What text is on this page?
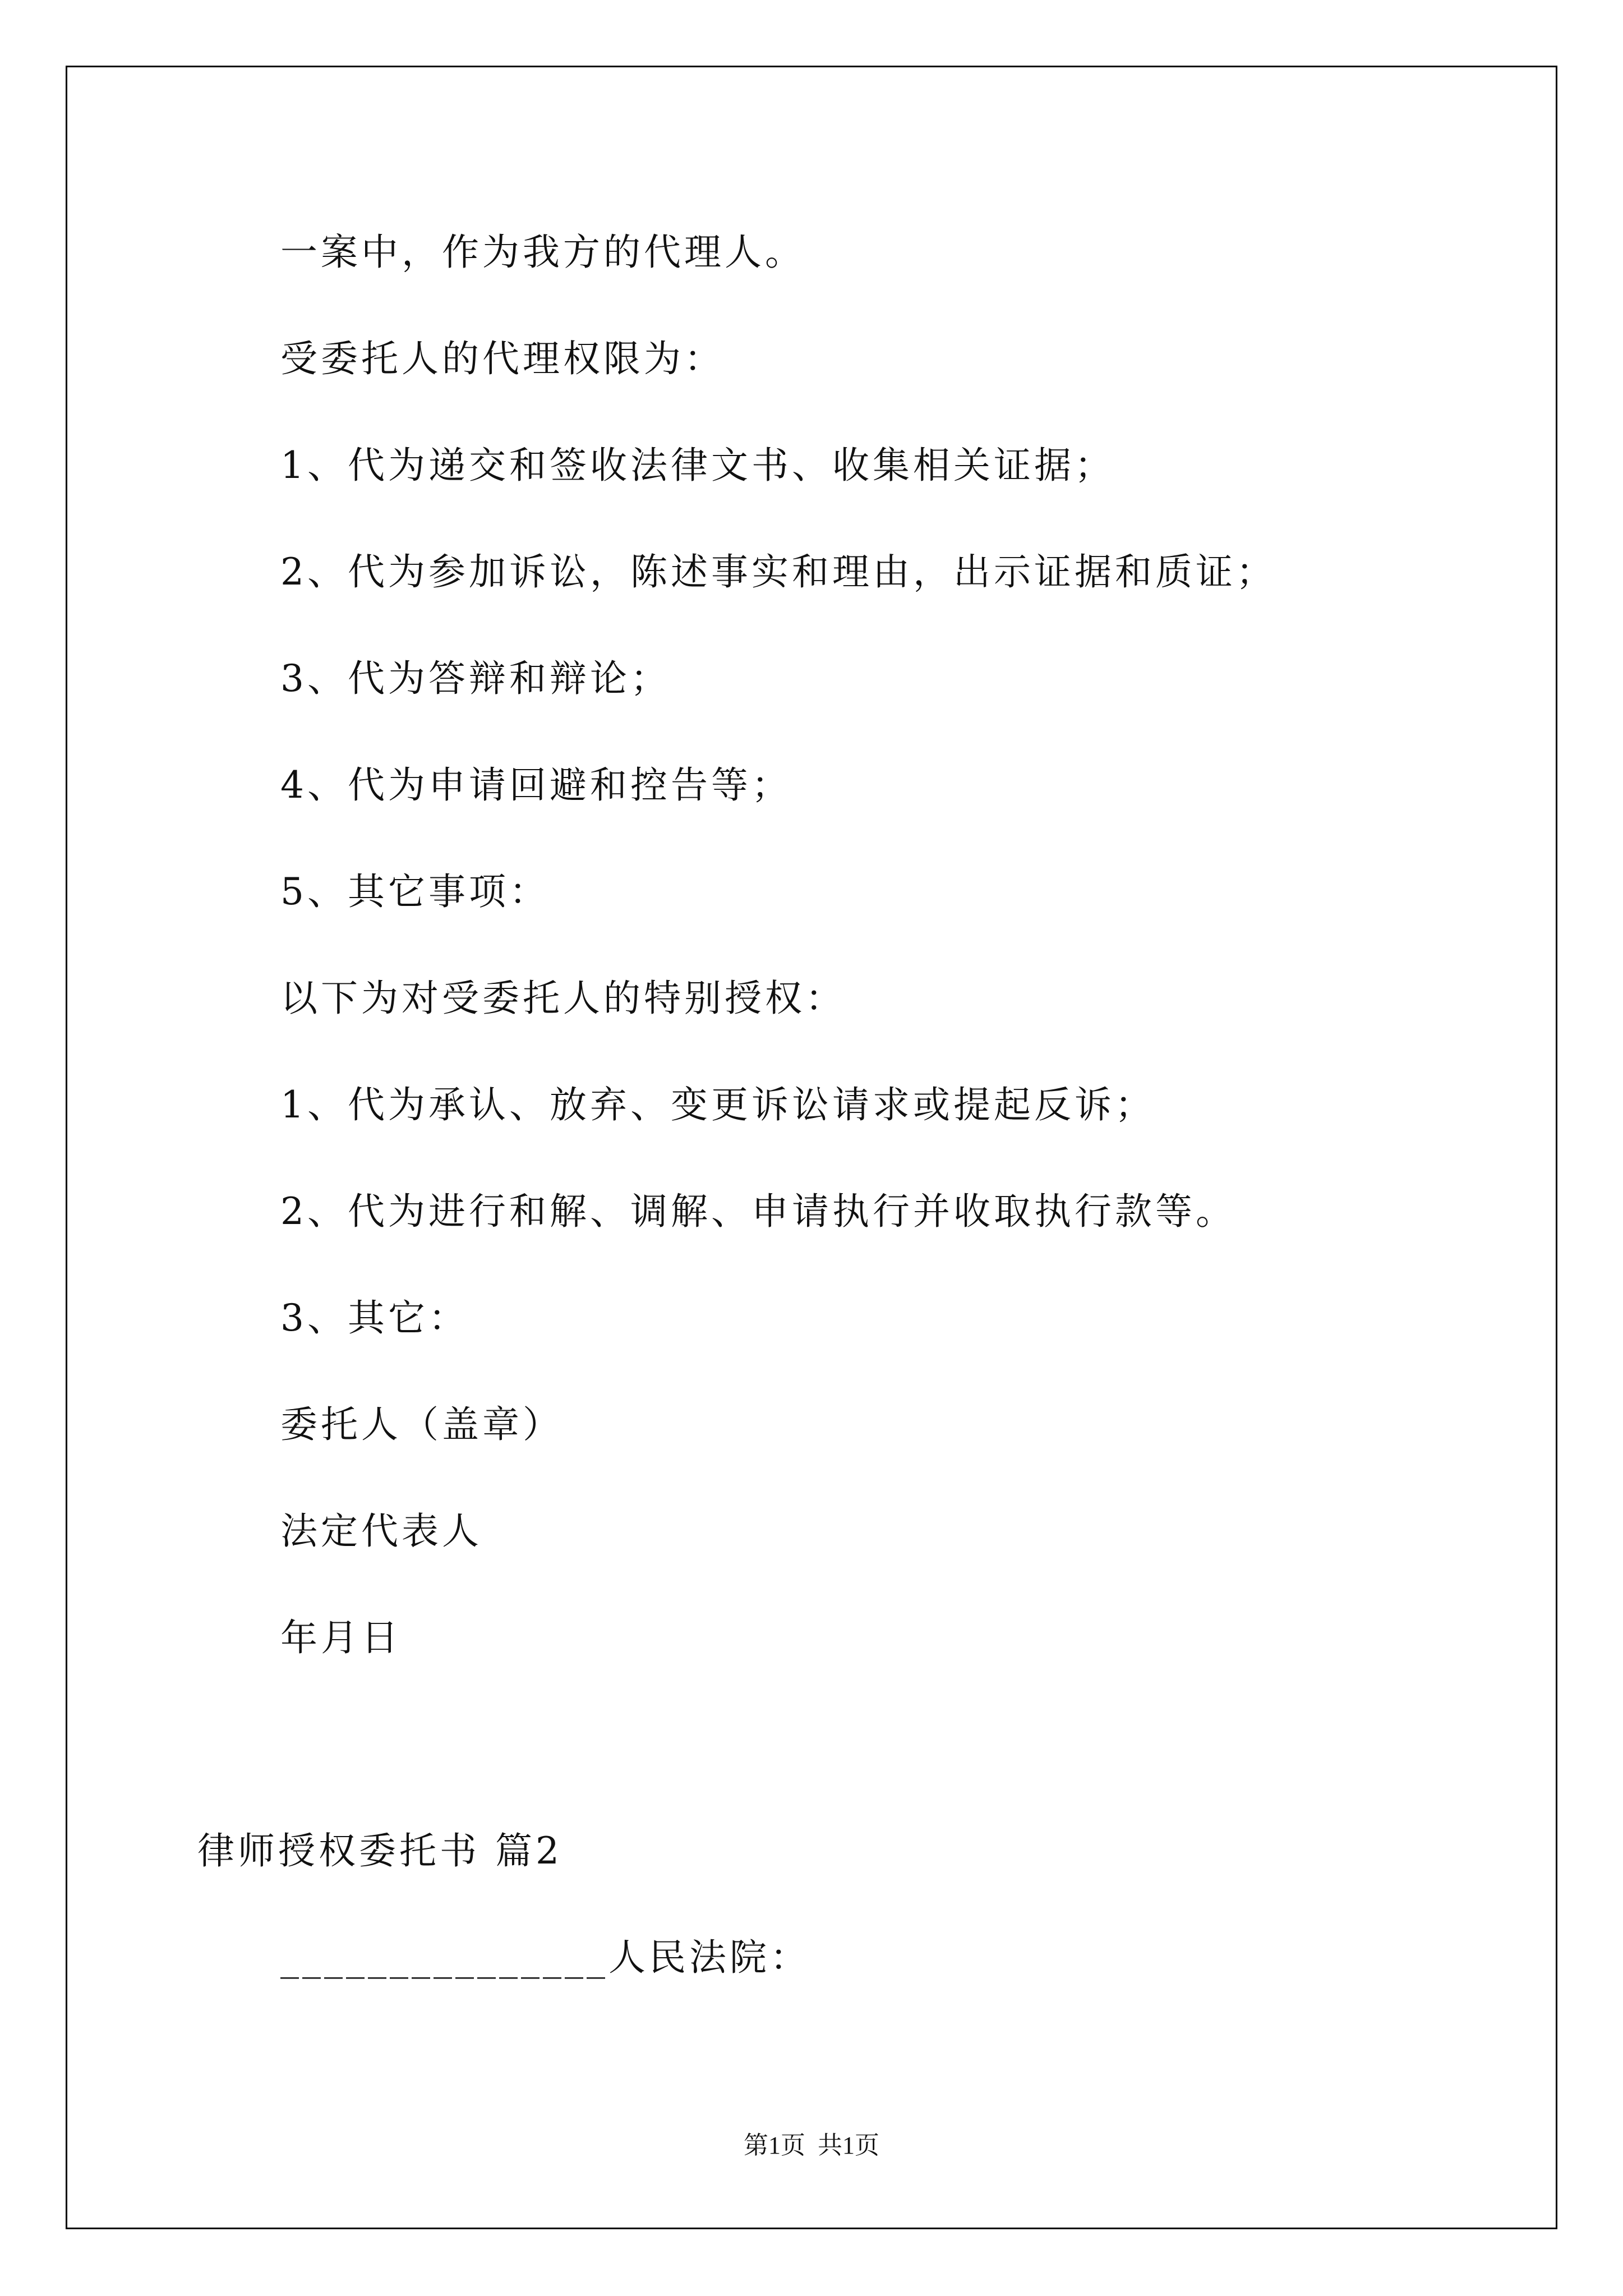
一案中，作为我方的代理人。
受委托人的代理权限为：
1、代为递交和签收法律文书、收集相关证据；
2、代为参加诉讼，陈述事实和理由，出示证据和质证；
3、代为答辩和辩论；
4、代为申请回避和控告等；
5、其它事项：
以下为对受委托人的特别授权：
1、代为承认、放弃、变更诉讼请求或提起反诉；
2、代为进行和解、调解、申请执行并收取执行款等。
3、其它：
委托人（盖章）
法定代表人
年月日
律师授权委托书 篇2
_______________人民法院：
第1页  共1页
